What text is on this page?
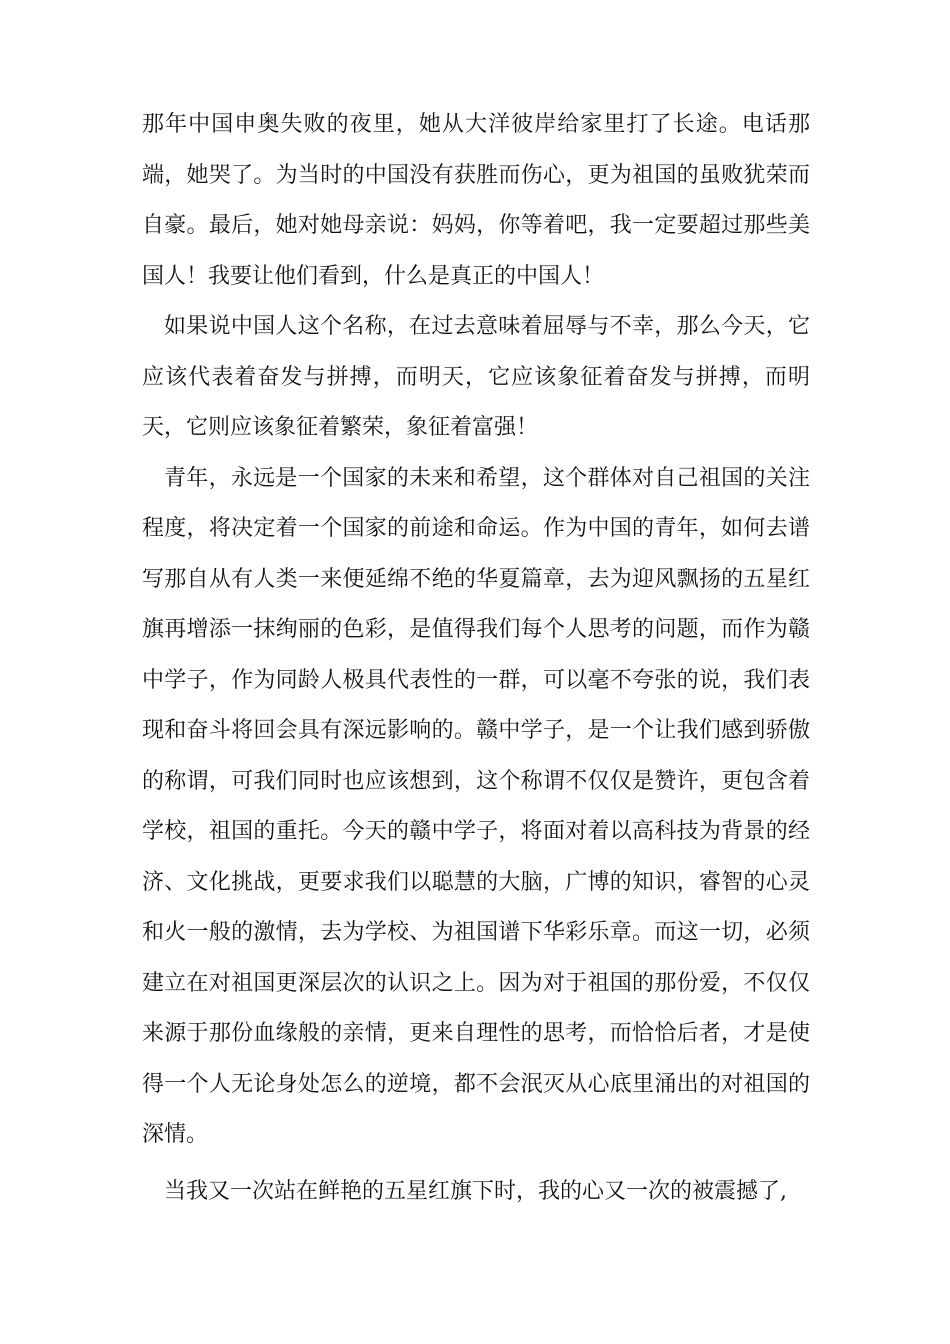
那年中国申奥失败的夜里，她从大洋彼岸给家里打了长途。电话那端，她哭了。为当时的中国没有获胜而伤心，更为祖国的虽败犹荣而自豪。最后，她对她母亲说：妈妈，你等着吧，我一定要超过那些美国人！我要让他们看到，什么是真正的中国人！

如果说中国人这个名称，在过去意味着屈辱与不幸，那么今天，它应该代表着奋发与拼搏，而明天，它应该象征着奋发与拼搏，而明天，它则应该象征着繁荣，象征着富强！

青年，永远是一个国家的未来和希望，这个群体对自己祖国的关注程度，将决定着一个国家的前途和命运。作为中国的青年，如何去谱写那自从有人类一来便延绵不绝的华夏篇章，去为迎风飘扬的五星红旗再增添一抹绚丽的色彩，是值得我们每个人思考的问题，而作为赣中学子，作为同龄人极具代表性的一群，可以毫不夸张的说，我们表现和奋斗将回会具有深远影响的。赣中学子，是一个让我们感到骄傲的称谓，可我们同时也应该想到，这个称谓不仅仅是赞许，更包含着学校，祖国的重托。今天的赣中学子，将面对着以高科技为背景的经济、文化挑战，更要求我们以聪慧的大脑，广博的知识，睿智的心灵和火一般的激情，去为学校、为祖国谱下华彩乐章。而这一切，必须建立在对祖国更深层次的认识之上。因为对于祖国的那份爱，不仅仅来源于那份血缘般的亲情，更来自理性的思考，而恰恰后者，才是使得一个人无论身处怎么的逆境，都不会泯灭从心底里涌出的对祖国的深情。

当我又一次站在鲜艳的五星红旗下时，我的心又一次的被震撼了,
